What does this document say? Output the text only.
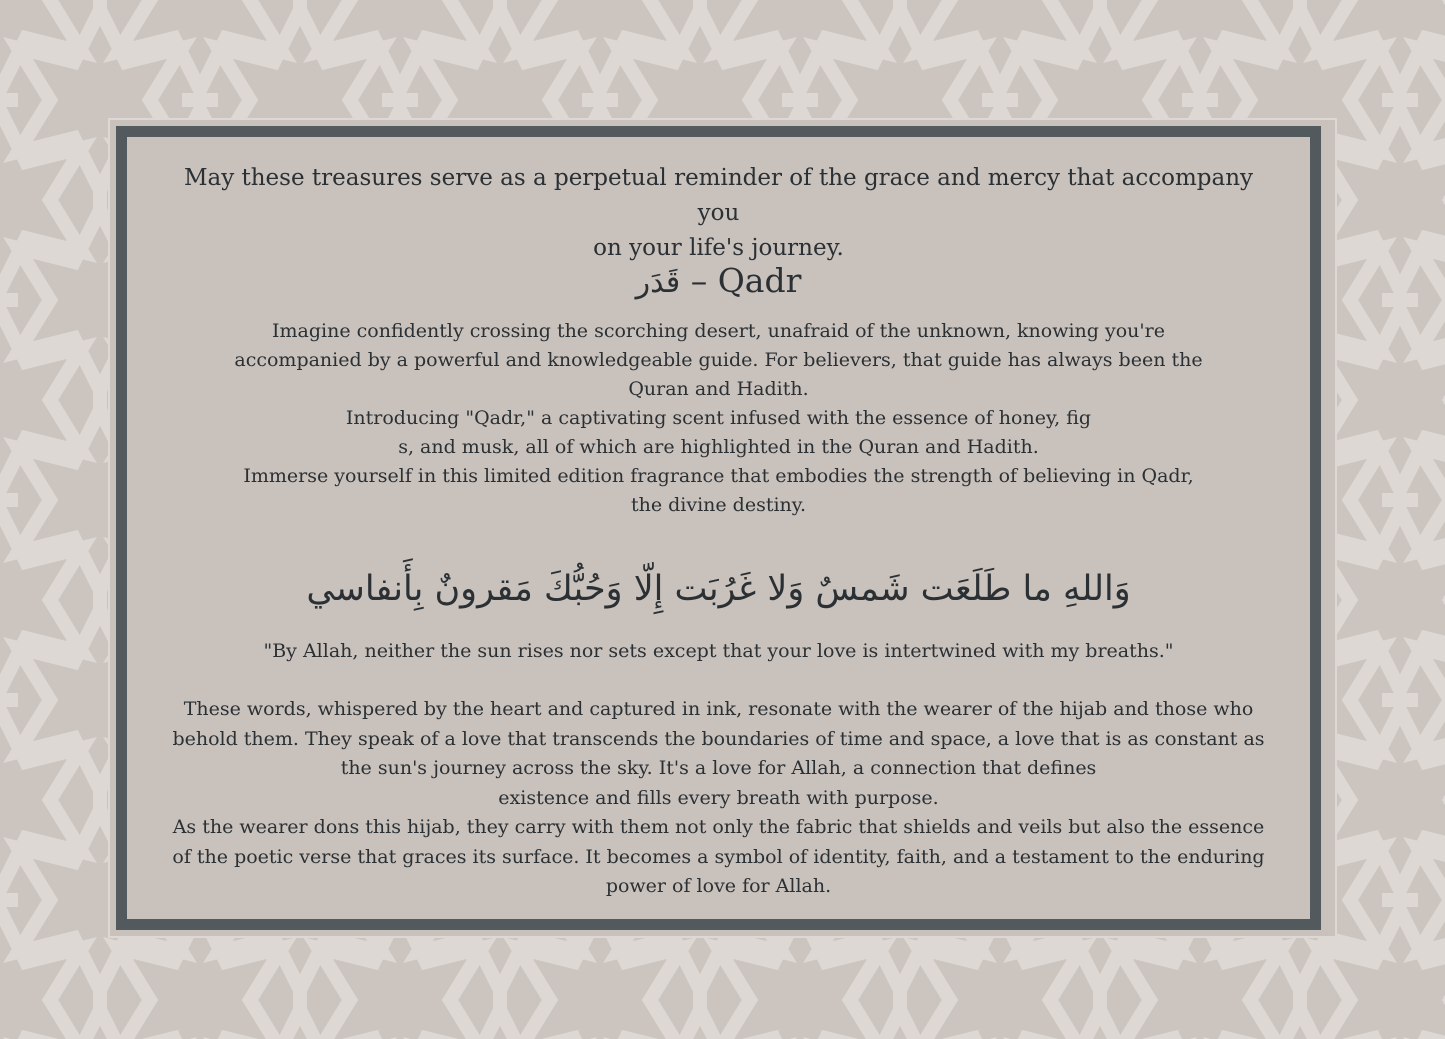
May these treasures serve as a perpetual reminder of the grace and mercy that accompany you
on your life's journey.
قَدَر – Qadr

Imagine confidently crossing the scorching desert, unafraid of the unknown, knowing you're

accompanied by a powerful and knowledgeable guide. For believers, that guide has always been the

Quran and Hadith.

Introducing "Qadr," a captivating scent infused with the essence of honey, fig

s, and musk, all of which are highlighted in the Quran and Hadith.

Immerse yourself in this limited edition fragrance that embodies the strength of believing in Qadr,

the divine destiny.

وَاللهِ ما طَلَعَت شَمسٌ وَلا غَرُبَت إِلّا وَحُبُّكَ مَقرونٌ بِأَنفاسي
"By Allah, neither the sun rises nor sets except that your love is intertwined with my breaths."

These words, whispered by the heart and captured in ink, resonate with the wearer of the hijab and those who

behold them. They speak of a love that transcends the boundaries of time and space, a love that is as constant as

the sun's journey across the sky. It's a love for Allah, a connection that defines

existence and fills every breath with purpose.

As the wearer dons this hijab, they carry with them not only the fabric that shields and veils but also the essence

of the poetic verse that graces its surface. It becomes a symbol of identity, faith, and a testament to the enduring

power of love for Allah.
